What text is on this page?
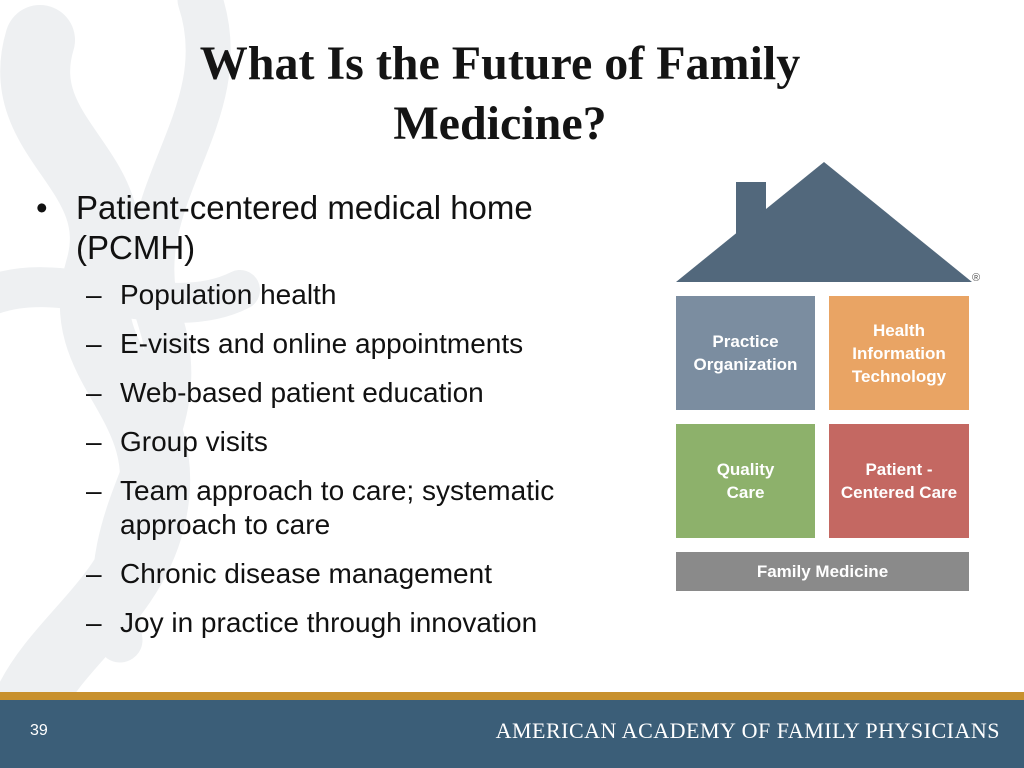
What Is the Future of Family
Medicine?
• Patient-centered medical home (PCMH)
– Population health
– E-visits and online appointments
– Web-based patient education
– Group visits
– Team approach to care; systematic approach to care
– Chronic disease management
– Joy in practice through innovation
®
Practice
Organization
Health
Information
Technology
Quality
Care
Patient -
Centered Care
Family Medicine
39	AMERICAN ACADEMY OF FAMILY PHYSICIANS
